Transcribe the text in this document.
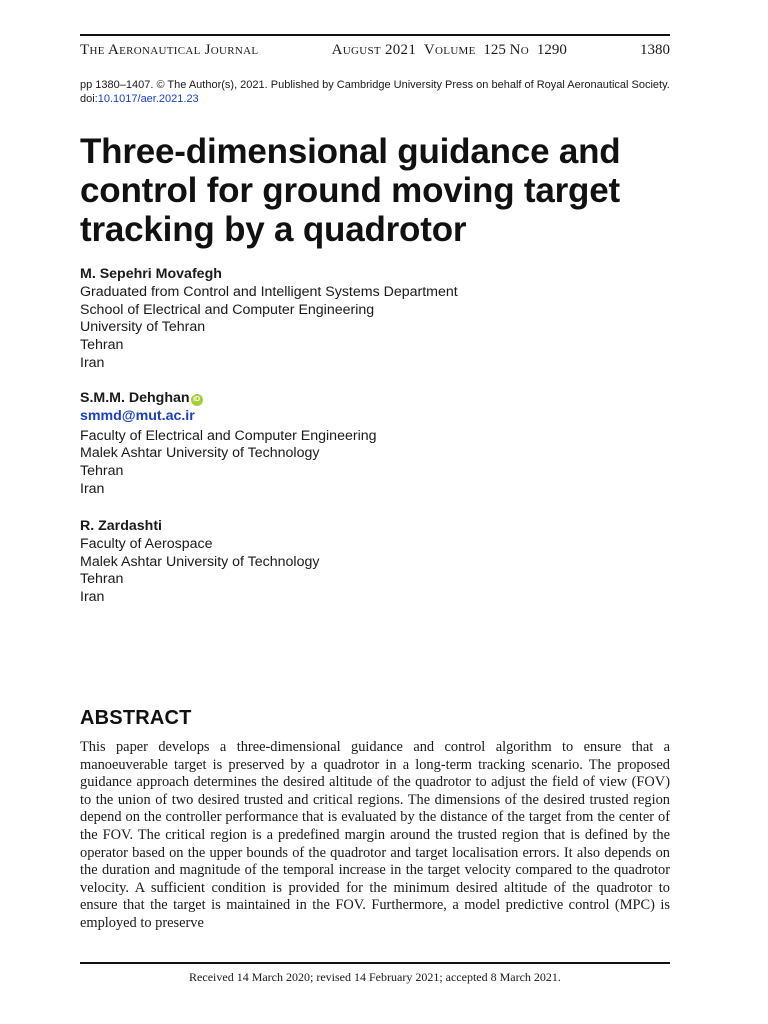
The Aeronautical Journal	August 2021 Volume 125 No 1290	1380
pp 1380–1407. © The Author(s), 2021. Published by Cambridge University Press on behalf of Royal Aeronautical Society.
doi:10.1017/aer.2021.23
Three-dimensional guidance and control for ground moving target tracking by a quadrotor
M. Sepehri Movafegh
Graduated from Control and Intelligent Systems Department
School of Electrical and Computer Engineering
University of Tehran
Tehran
Iran
S.M.M. Dehghan iD
smmd@mut.ac.ir
Faculty of Electrical and Computer Engineering
Malek Ashtar University of Technology
Tehran
Iran
R. Zardashti
Faculty of Aerospace
Malek Ashtar University of Technology
Tehran
Iran
ABSTRACT

This paper develops a three-dimensional guidance and control algorithm to ensure that a manoeuverable target is preserved by a quadrotor in a long-term tracking scenario. The proposed guidance approach determines the desired altitude of the quadrotor to adjust the field of view (FOV) to the union of two desired trusted and critical regions. The dimensions of the desired trusted region depend on the controller performance that is evaluated by the distance of the target from the center of the FOV. The critical region is a predefined margin around the trusted region that is defined by the operator based on the upper bounds of the quadrotor and target localisation errors. It also depends on the duration and magnitude of the temporal increase in the target velocity compared to the quadrotor velocity. A sufficient condition is provided for the minimum desired altitude of the quadrotor to ensure that the target is maintained in the FOV. Furthermore, a model predictive control (MPC) is employed to preserve

Received 14 March 2020; revised 14 February 2021; accepted 8 March 2021.
